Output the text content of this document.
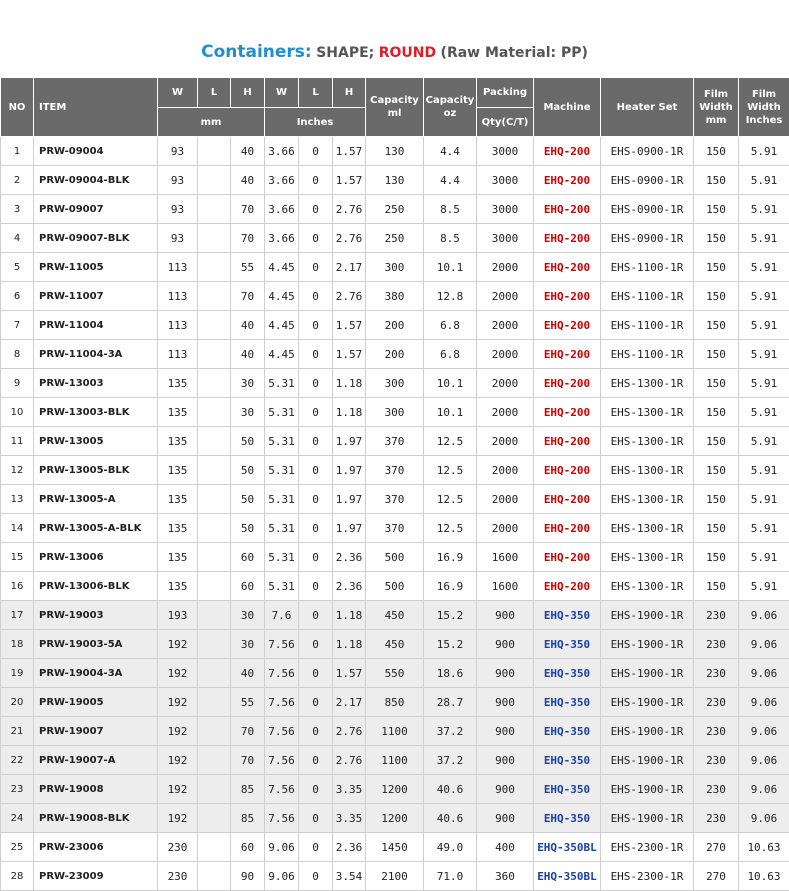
Containers: SHAPE; ROUND (Raw Material: PP)
NO	ITEM	W	L	H	W	L	H	Capacity ml	Capacity oz	Packing	Machine	Heater Set	Film Width mm	Film Width Inches
		mm			Inches					Qty(C/T)				
1	PRW-09004	93		40	3.66	0	1.57	130	4.4	3000	EHQ-200	EHS-0900-1R	150	5.91
2	PRW-09004-BLK	93		40	3.66	0	1.57	130	4.4	3000	EHQ-200	EHS-0900-1R	150	5.91
3	PRW-09007	93		70	3.66	0	2.76	250	8.5	3000	EHQ-200	EHS-0900-1R	150	5.91
4	PRW-09007-BLK	93		70	3.66	0	2.76	250	8.5	3000	EHQ-200	EHS-0900-1R	150	5.91
5	PRW-11005	113		55	4.45	0	2.17	300	10.1	2000	EHQ-200	EHS-1100-1R	150	5.91
6	PRW-11007	113		70	4.45	0	2.76	380	12.8	2000	EHQ-200	EHS-1100-1R	150	5.91
7	PRW-11004	113		40	4.45	0	1.57	200	6.8	2000	EHQ-200	EHS-1100-1R	150	5.91
8	PRW-11004-3A	113		40	4.45	0	1.57	200	6.8	2000	EHQ-200	EHS-1100-1R	150	5.91
9	PRW-13003	135		30	5.31	0	1.18	300	10.1	2000	EHQ-200	EHS-1300-1R	150	5.91
10	PRW-13003-BLK	135		30	5.31	0	1.18	300	10.1	2000	EHQ-200	EHS-1300-1R	150	5.91
11	PRW-13005	135		50	5.31	0	1.97	370	12.5	2000	EHQ-200	EHS-1300-1R	150	5.91
12	PRW-13005-BLK	135		50	5.31	0	1.97	370	12.5	2000	EHQ-200	EHS-1300-1R	150	5.91
13	PRW-13005-A	135		50	5.31	0	1.97	370	12.5	2000	EHQ-200	EHS-1300-1R	150	5.91
14	PRW-13005-A-BLK	135		50	5.31	0	1.97	370	12.5	2000	EHQ-200	EHS-1300-1R	150	5.91
15	PRW-13006	135		60	5.31	0	2.36	500	16.9	1600	EHQ-200	EHS-1300-1R	150	5.91
16	PRW-13006-BLK	135		60	5.31	0	2.36	500	16.9	1600	EHQ-200	EHS-1300-1R	150	5.91
17	PRW-19003	193		30	7.6	0	1.18	450	15.2	900	EHQ-350	EHS-1900-1R	230	9.06
18	PRW-19003-5A	192		30	7.56	0	1.18	450	15.2	900	EHQ-350	EHS-1900-1R	230	9.06
19	PRW-19004-3A	192		40	7.56	0	1.57	550	18.6	900	EHQ-350	EHS-1900-1R	230	9.06
20	PRW-19005	192		55	7.56	0	2.17	850	28.7	900	EHQ-350	EHS-1900-1R	230	9.06
21	PRW-19007	192		70	7.56	0	2.76	1100	37.2	900	EHQ-350	EHS-1900-1R	230	9.06
22	PRW-19007-A	192		70	7.56	0	2.76	1100	37.2	900	EHQ-350	EHS-1900-1R	230	9.06
23	PRW-19008	192		85	7.56	0	3.35	1200	40.6	900	EHQ-350	EHS-1900-1R	230	9.06
24	PRW-19008-BLK	192		85	7.56	0	3.35	1200	40.6	900	EHQ-350	EHS-1900-1R	230	9.06
25	PRW-23006	230		60	9.06	0	2.36	1450	49.0	400	EHQ-350BL	EHS-2300-1R	270	10.63
28	PRW-23009	230		90	9.06	0	3.54	2100	71.0	360	EHQ-350BL	EHS-2300-1R	270	10.63
